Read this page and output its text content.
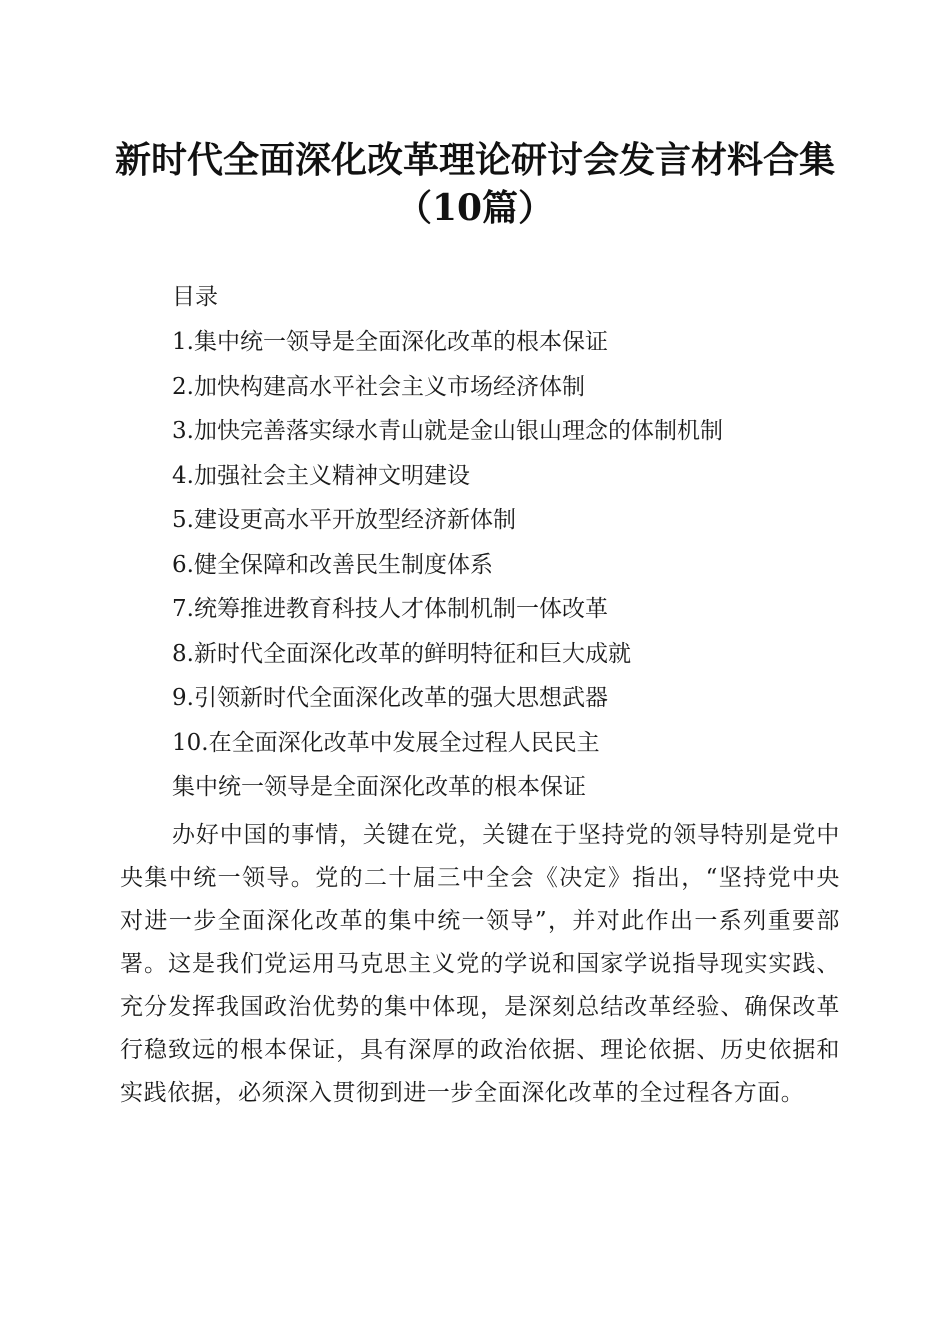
新时代全面深化改革理论研讨会发言材料合集
（10篇）
目录
1.集中统一领导是全面深化改革的根本保证
2.加快构建高水平社会主义市场经济体制
3.加快完善落实绿水青山就是金山银山理念的体制机制
4.加强社会主义精神文明建设
5.建设更高水平开放型经济新体制
6.健全保障和改善民生制度体系
7.统筹推进教育科技人才体制机制一体改革
8.新时代全面深化改革的鲜明特征和巨大成就
9.引领新时代全面深化改革的强大思想武器
10.在全面深化改革中发展全过程人民民主
集中统一领导是全面深化改革的根本保证

办好中国的事情，关键在党，关键在于坚持党的领导特别是党中央集中统一领导。党的二十届三中全会《决定》指出，“坚持党中央对进一步全面深化改革的集中统一领导”，并对此作出一系列重要部署。这是我们党运用马克思主义党的学说和国家学说指导现实实践、充分发挥我国政治优势的集中体现，是深刻总结改革经验、确保改革行稳致远的根本保证，具有深厚的政治依据、理论依据、历史依据和实践依据，必须深入贯彻到进一步全面深化改革的全过程各方面。
